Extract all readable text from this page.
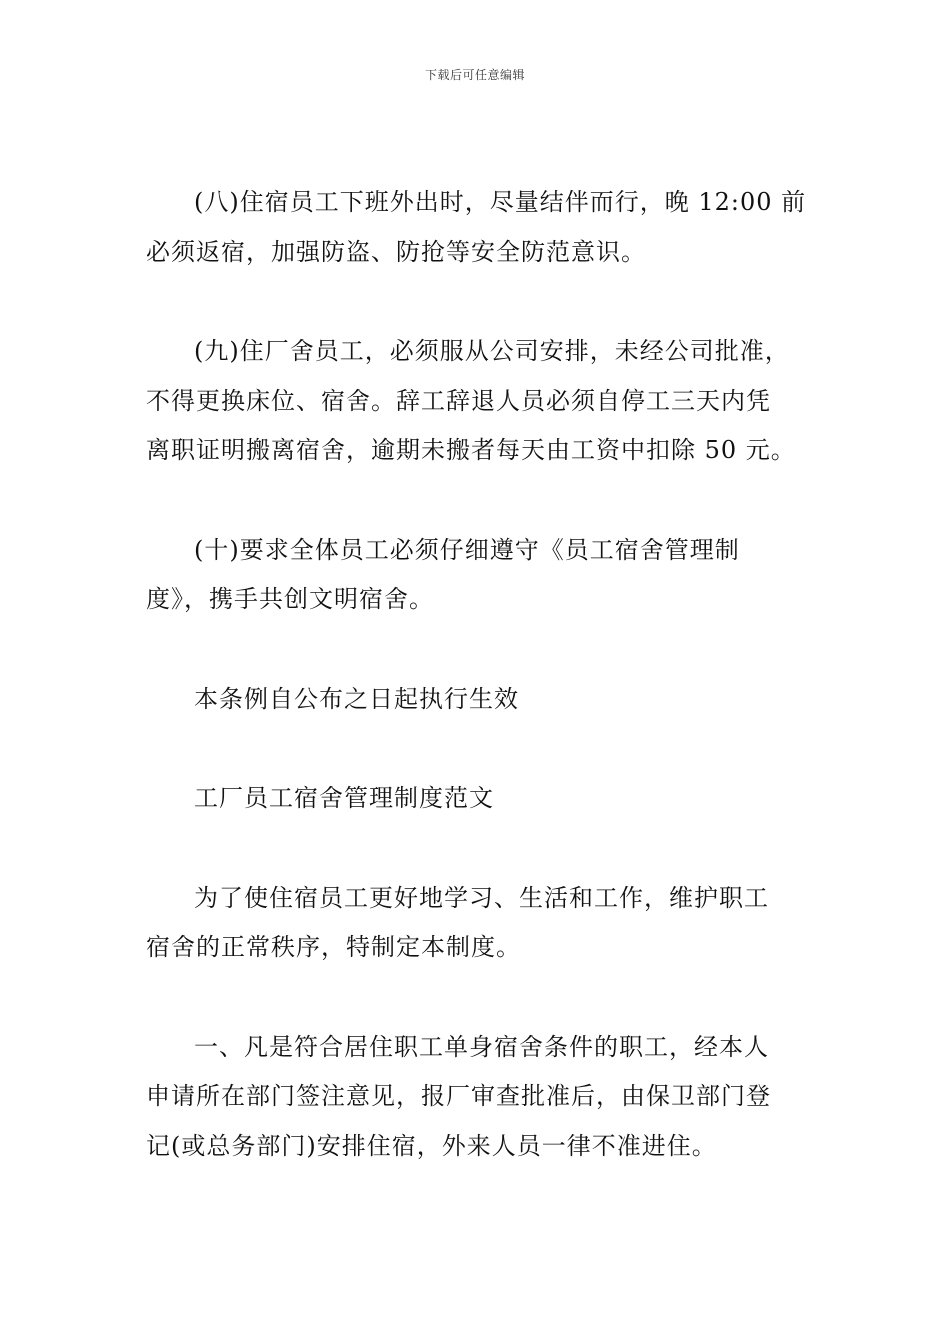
下载后可任意编辑

(八)住宿员工下班外出时，尽量结伴而行，晚 12:00 前
必须返宿，加强防盗、防抢等安全防范意识。

(九)住厂舍员工，必须服从公司安排，未经公司批准，
不得更换床位、宿舍。辞工辞退人员必须自停工三天内凭
离职证明搬离宿舍，逾期未搬者每天由工资中扣除 50 元。

(十)要求全体员工必须仔细遵守《员工宿舍管理制
度》，携手共创文明宿舍。

本条例自公布之日起执行生效

工厂员工宿舍管理制度范文

为了使住宿员工更好地学习、生活和工作，维护职工
宿舍的正常秩序，特制定本制度。

一、凡是符合居住职工单身宿舍条件的职工，经本人
申请所在部门签注意见，报厂审查批准后，由保卫部门登
记(或总务部门)安排住宿，外来人员一律不准进住。
